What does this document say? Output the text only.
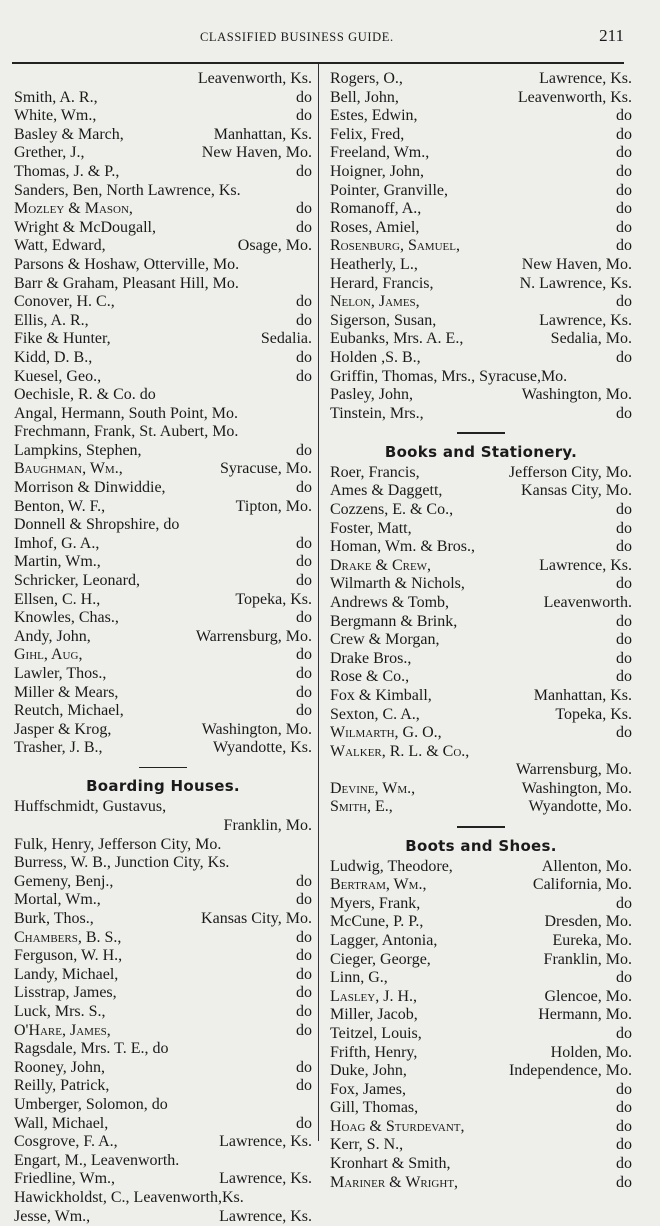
CLASSIFIED BUSINESS GUIDE.	211
Leavenworth, Ks.
Smith, A. R.,	do
White, Wm.,	do
Basley & March,	Manhattan, Ks.
Grether, J.,	New Haven, Mo.
Thomas, J. & P.,	do
Sanders, Ben, North Lawrence, Ks.
Mozley & Mason,	do
Wright & McDougall,	do
Watt, Edward,	Osage, Mo.
Parsons & Hoshaw, Otterville, Mo.
Barr & Graham, Pleasant Hill, Mo.
Conover, H. C.,	do
Ellis, A. R.,	do
Fike & Hunter,	Sedalia.
Kidd, D. B.,	do
Kuesel, Geo.,	do
Oechisle, R. & Co. do
Angal, Hermann, South Point, Mo.
Frechmann, Frank, St. Aubert, Mo.
Lampkins, Stephen,	do
Baughman, Wm.,	Syracuse, Mo.
Morrison & Dinwiddie,	do
Benton, W. F.,	Tipton, Mo.
Donnell & Shropshire, do
Imhof, G. A.,	do
Martin, Wm.,	do
Schricker, Leonard,	do
Ellsen, C. H.,	Topeka, Ks.
Knowles, Chas.,	do
Andy, John,	Warrensburg, Mo.
Gihl, Aug,	do
Lawler, Thos.,	do
Miller & Mears,	do
Reutch, Michael,	do
Jasper & Krog,	Washington, Mo.
Trasher, J. B.,	Wyandotte, Ks.
Boarding Houses.
Huffschmidt, Gustavus,
Franklin, Mo.
Fulk, Henry, Jefferson City, Mo.
Burress, W. B., Junction City, Ks.
Gemeny, Benj.,	do
Mortal, Wm.,	do
Burk, Thos.,	Kansas City, Mo.
Chambers, B. S.,	do
Ferguson, W. H.,	do
Landy, Michael,	do
Lisstrap, James,	do
Luck, Mrs. S.,	do
O'Hare, James,	do
Ragsdale, Mrs. T. E., do
Rooney, John,	do
Reilly, Patrick,	do
Umberger, Solomon, do
Wall, Michael,	do
Cosgrove, F. A.,	Lawrence, Ks.
Engart, M., Leavenworth.
Friedline, Wm.,	Lawrence, Ks.
Hawickholdst, C., Leavenworth,Ks.
Jesse, Wm.,	Lawrence, Ks.
Rogers, O.,	Lawrence, Ks.
Bell, John,	Leavenworth, Ks.
Estes, Edwin,	do
Felix, Fred,	do
Freeland, Wm.,	do
Hoigner, John,	do
Pointer, Granville,	do
Romanoff, A.,	do
Roses, Amiel,	do
Rosenburg, Samuel,	do
Heatherly, L.,	New Haven, Mo.
Herard, Francis,	N. Lawrence, Ks.
Nelon, James,	do
Sigerson, Susan,	Lawrence, Ks.
Eubanks, Mrs. A. E.,	Sedalia, Mo.
Holden ,S. B.,	do
Griffin, Thomas, Mrs., Syracuse,Mo.
Pasley, John,	Washington, Mo.
Tinstein, Mrs.,	do
Books and Stationery.
Roer, Francis,	Jefferson City, Mo.
Ames & Daggett,	Kansas City, Mo.
Cozzens, E. & Co.,	do
Foster, Matt,	do
Homan, Wm. & Bros.,	do
Drake & Crew,	Lawrence, Ks.
Wilmarth & Nichols,	do
Andrews & Tomb,	Leavenworth.
Bergmann & Brink,	do
Crew & Morgan,	do
Drake Bros.,	do
Rose & Co.,	do
Fox & Kimball,	Manhattan, Ks.
Sexton, C. A.,	Topeka, Ks.
Wilmarth, G. O.,	do
Walker, R. L. & Co.,
Warrensburg, Mo.
Devine, Wm.,	Washington, Mo.
Smith, E.,	Wyandotte, Mo.
Boots and Shoes.
Ludwig, Theodore,	Allenton, Mo.
Bertram, Wm.,	California, Mo.
Myers, Frank,	do
McCune, P. P.,	Dresden, Mo.
Lagger, Antonia,	Eureka, Mo.
Cieger, George,	Franklin, Mo.
Linn, G.,	do
Lasley, J. H.,	Glencoe, Mo.
Miller, Jacob,	Hermann, Mo.
Teitzel, Louis,	do
Frifth, Henry,	Holden, Mo.
Duke, John,	Independence, Mo.
Fox, James,	do
Gill, Thomas,	do
Hoag & Sturdevant,	do
Kerr, S. N.,	do
Kronhart & Smith,	do
Mariner & Wright,	do
